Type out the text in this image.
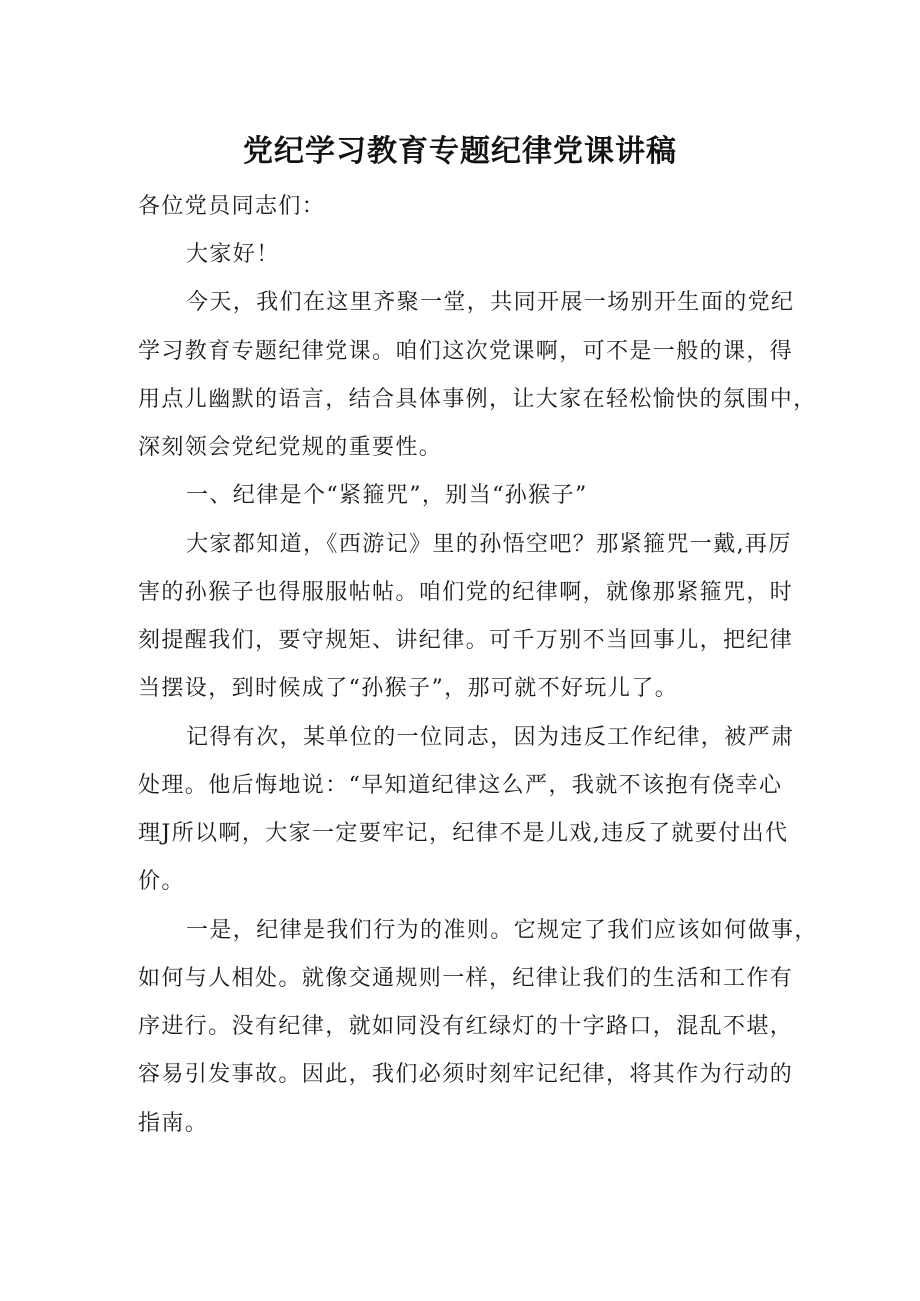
党纪学习教育专题纪律党课讲稿

各位党员同志们：

大家好！

今天，我们在这里齐聚一堂，共同开展一场别开生面的党纪

学习教育专题纪律党课。咱们这次党课啊，可不是一般的课，得

用点儿幽默的语言，结合具体事例，让大家在轻松愉快的氛围中，

深刻领会党纪党规的重要性。

一、纪律是个“紧箍咒”，别当“孙猴子”

大家都知道，《西游记》里的孙悟空吧？那紧箍咒一戴,再厉

害的孙猴子也得服服帖帖。咱们党的纪律啊，就像那紧箍咒，时

刻提醒我们，要守规矩、讲纪律。可千万别不当回事儿，把纪律

当摆设，到时候成了“孙猴子”，那可就不好玩儿了。

记得有次，某单位的一位同志，因为违反工作纪律，被严肃

处理。他后悔地说：“早知道纪律这么严，我就不该抱有侥幸心

理J所以啊，大家一定要牢记，纪律不是儿戏,违反了就要付出代

价。

一是，纪律是我们行为的准则。它规定了我们应该如何做事，

如何与人相处。就像交通规则一样，纪律让我们的生活和工作有

序进行。没有纪律，就如同没有红绿灯的十字路口，混乱不堪，

容易引发事故。因此，我们必须时刻牢记纪律，将其作为行动的

指南。
